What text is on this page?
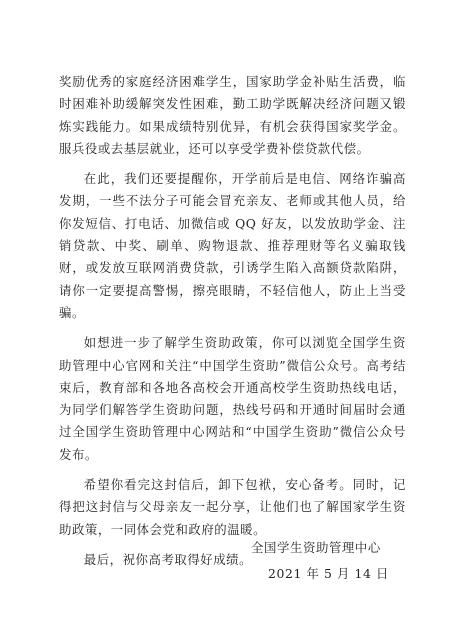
奖励优秀的家庭经济困难学生，国家助学金补贴生活费，临时困难补助缓解突发性困难，勤工助学既解决经济问题又锻炼实践能力。如果成绩特别优异，有机会获得国家奖学金。服兵役或去基层就业，还可以享受学费补偿贷款代偿。

在此，我们还要提醒你，开学前后是电信、网络诈骗高发期，一些不法分子可能会冒充亲友、老师或其他人员，给你发短信、打电话、加微信或 QQ 好友，以发放助学金、注销贷款、中奖、刷单、购物退款、推荐理财等名义骗取钱财，或发放互联网消费贷款，引诱学生陷入高额贷款陷阱，请你一定要提高警惕，擦亮眼睛，不轻信他人，防止上当受骗。

如想进一步了解学生资助政策，你可以浏览全国学生资助管理中心官网和关注“中国学生资助”微信公众号。高考结束后，教育部和各地各高校会开通高校学生资助热线电话，为同学们解答学生资助问题，热线号码和开通时间届时会通过全国学生资助管理中心网站和“中国学生资助”微信公众号发布。

希望你看完这封信后，卸下包袱，安心备考。同时，记得把这封信与父母亲友一起分享，让他们也了解国家学生资助政策，一同体会党和政府的温暖。

最后，祝你高考取得好成绩。

全国学生资助管理中心
2021 年 5 月 14 日
